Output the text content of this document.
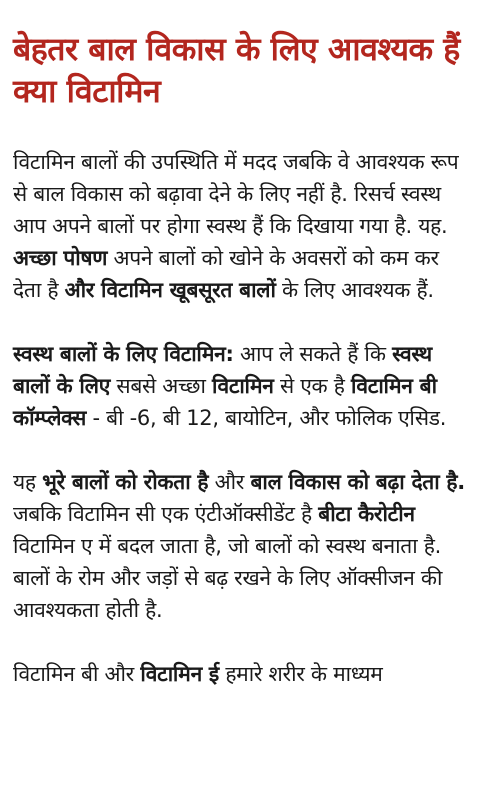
बेहतर बाल विकास के लिए आवश्यक हैं क्या विटामिन

विटामिन बालों की उपस्थिति में मदद जबकि वे आवश्यक रूप से बाल विकास को बढ़ावा देने के लिए नहीं है. रिसर्च स्वस्थ आप अपने बालों पर होगा स्वस्थ हैं कि दिखाया गया है. यह. अच्छा पोषण अपने बालों को खोने के अवसरों को कम कर देता है और विटामिन खूबसूरत बालों के लिए आवश्यक हैं.

स्वस्थ बालों के लिए विटामिन: आप ले सकते हैं कि स्वस्थ बालों के लिए सबसे अच्छा विटामिन से एक है विटामिन बी कॉम्प्लेक्स - बी -6, बी 12, बायोटिन, और फोलिक एसिड.

यह भूरे बालों को रोकता है और बाल विकास को बढ़ा देता है. जबकि विटामिन सी एक एंटीऑक्सीडेंट है बीटा कैरोटीन विटामिन ए में बदल जाता है, जो बालों को स्वस्थ बनाता है. बालों के रोम और जड़ों से बढ़ रखने के लिए ऑक्सीजन की आवश्यकता होती है.

विटामिन बी और विटामिन ई हमारे शरीर के माध्यम
